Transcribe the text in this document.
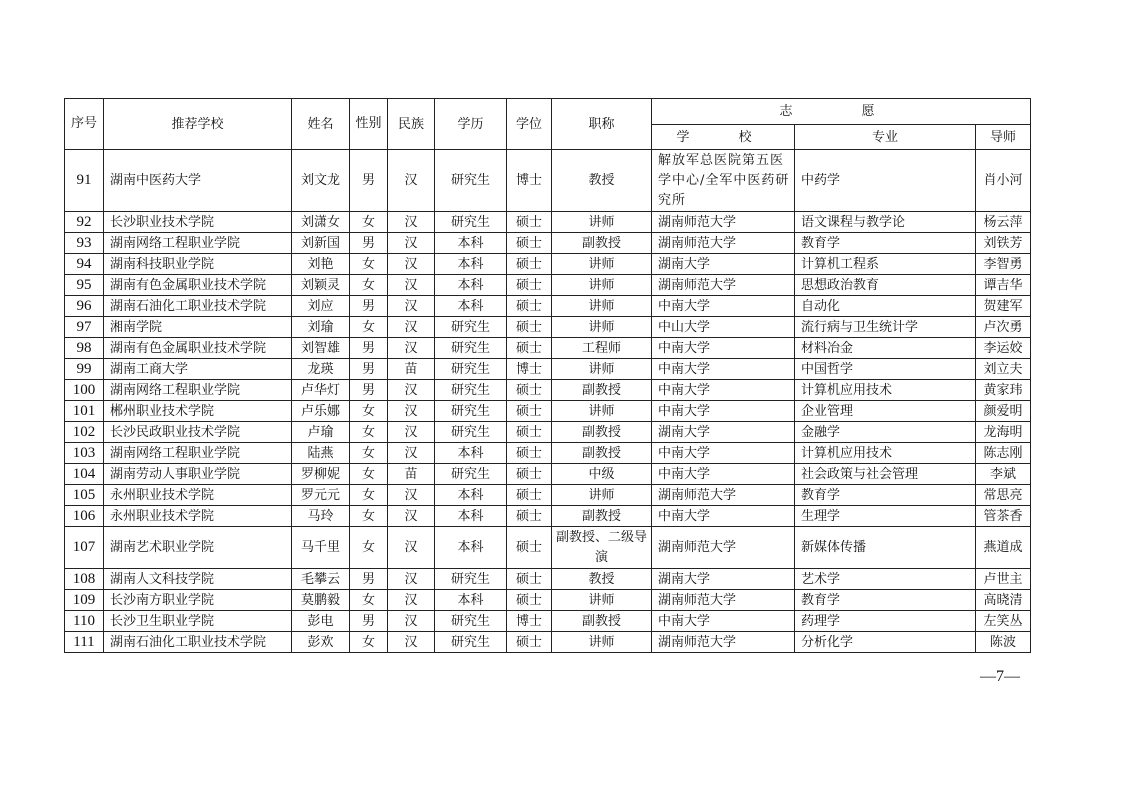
序号	推荐学校	姓名	性别	民族	学历	学位	职称	志　愿		
								学　校	专业	导师
91	湖南中医药大学	刘文龙	男	汉	研究生	博士	教授	解放军总医院第五医学中心/全军中医药研究所	中药学	肖小河
92	长沙职业技术学院	刘潇女	女	汉	研究生	硕士	讲师	湖南师范大学	语文课程与教学论	杨云萍
93	湖南网络工程职业学院	刘新国	男	汉	本科	硕士	副教授	湖南师范大学	教育学	刘铁芳
94	湖南科技职业学院	刘艳	女	汉	本科	硕士	讲师	湖南大学	计算机工程系	李智勇
95	湖南有色金属职业技术学院	刘颖灵	女	汉	本科	硕士	讲师	湖南师范大学	思想政治教育	谭吉华
96	湖南石油化工职业技术学院	刘应	男	汉	本科	硕士	讲师	中南大学	自动化	贺建军
97	湘南学院	刘瑜	女	汉	研究生	硕士	讲师	中山大学	流行病与卫生统计学	卢次勇
98	湖南有色金属职业技术学院	刘智雄	男	汉	研究生	硕士	工程师	中南大学	材料冶金	李运姣
99	湖南工商大学	龙瑛	男	苗	研究生	博士	讲师	中南大学	中国哲学	刘立夫
100	湖南网络工程职业学院	卢华灯	男	汉	研究生	硕士	副教授	中南大学	计算机应用技术	黄家玮
101	郴州职业技术学院	卢乐娜	女	汉	研究生	硕士	讲师	中南大学	企业管理	颜爱明
102	长沙民政职业技术学院	卢瑜	女	汉	研究生	硕士	副教授	湖南大学	金融学	龙海明
103	湖南网络工程职业学院	陆燕	女	汉	本科	硕士	副教授	中南大学	计算机应用技术	陈志刚
104	湖南劳动人事职业学院	罗柳妮	女	苗	研究生	硕士	中级	中南大学	社会政策与社会管理	李斌
105	永州职业技术学院	罗元元	女	汉	本科	硕士	讲师	湖南师范大学	教育学	常思亮
106	永州职业技术学院	马玲	女	汉	本科	硕士	副教授	中南大学	生理学	管茶香
107	湖南艺术职业学院	马千里	女	汉	本科	硕士	副教授、二级导演	湖南师范大学	新媒体传播	燕道成
108	湖南人文科技学院	毛攀云	男	汉	研究生	硕士	教授	湖南大学	艺术学	卢世主
109	长沙南方职业学院	莫鹏毅	女	汉	本科	硕士	讲师	湖南师范大学	教育学	高晓清
110	长沙卫生职业学院	彭电	男	汉	研究生	博士	副教授	中南大学	药理学	左笑丛
111	湖南石油化工职业技术学院	彭欢	女	汉	研究生	硕士	讲师	湖南师范大学	分析化学	陈波
—7—
